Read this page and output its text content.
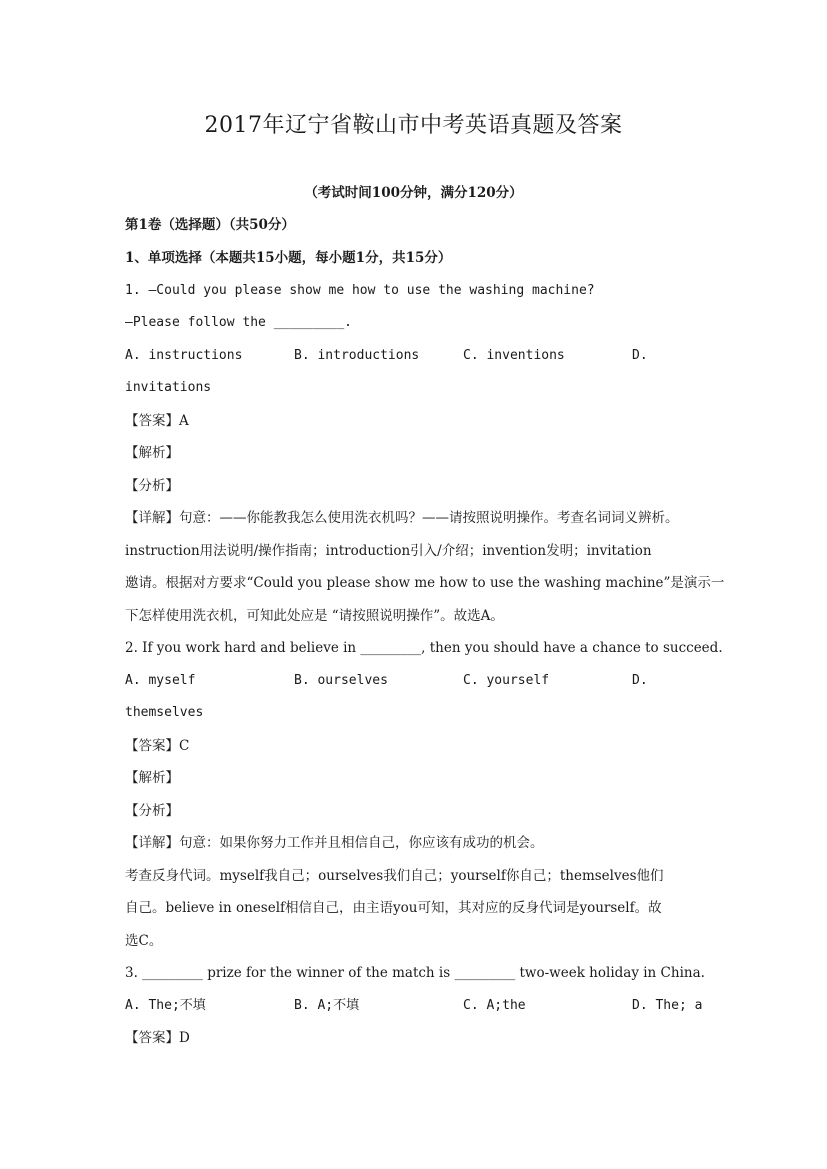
2017年辽宁省鞍山市中考英语真题及答案
（考试时间100分钟，满分120分）
第1卷（选择题）（共50分）
1、单项选择（本题共15小题，每小题1分，共15分）
1. —Could you please show me how to use the washing machine?
—Please follow the _________.
A. instructions	B. introductions	C. inventions	D.
invitations
【答案】A
【解析】
【分析】
【详解】句意：——你能教我怎么使用洗衣机吗？——请按照说明操作。考查名词词义辨析。
instruction用法说明/操作指南；introduction引入/介绍；invention发明；invitation
邀请。根据对方要求“Could you please show me how to use the washing machine”是演示一
下怎样使用洗衣机，可知此处应是 “请按照说明操作”。故选A。
2. If you work hard and believe in _________, then you should have a chance to succeed.
A. myself	B. ourselves	C. yourself	D.
themselves
【答案】C
【解析】
【分析】
【详解】句意：如果你努力工作并且相信自己，你应该有成功的机会。
考查反身代词。myself我自己；ourselves我们自己；yourself你自己；themselves他们
自己。believe in oneself相信自己，由主语you可知，其对应的反身代词是yourself。故
选C。
3. _________ prize for the winner of the match is _________ two-week holiday in China.
A. The;不填	B. A;不填	C. A;the	D. The; a
【答案】D
